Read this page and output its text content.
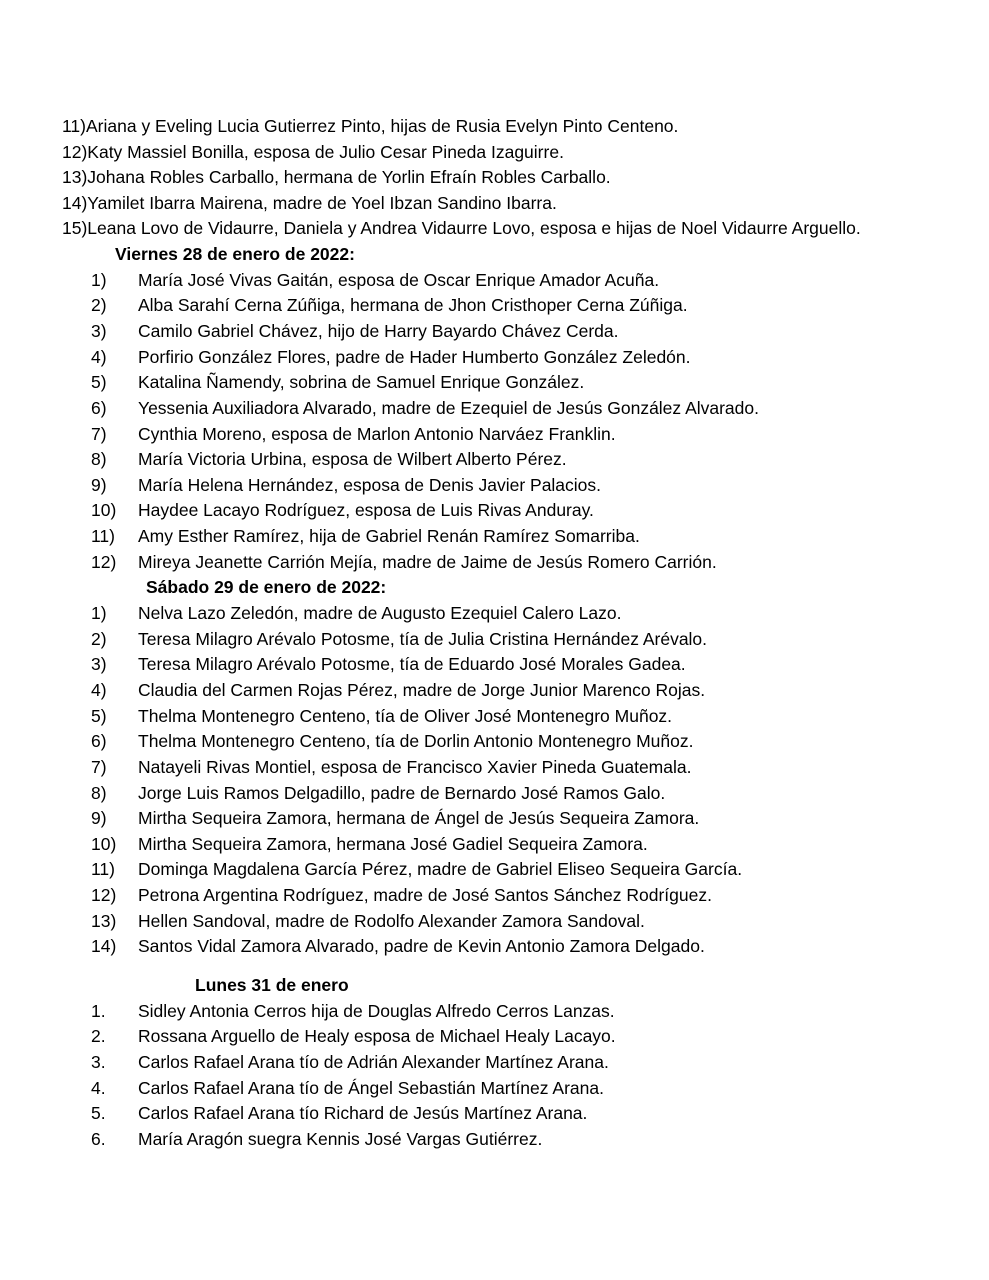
11)Ariana y Eveling Lucia Gutierrez Pinto, hijas de Rusia Evelyn Pinto Centeno.
12)Katy Massiel Bonilla, esposa de Julio Cesar Pineda Izaguirre.
13)Johana Robles Carballo, hermana de Yorlin Efraín Robles Carballo.
14)Yamilet Ibarra Mairena, madre de Yoel Ibzan Sandino Ibarra.
15)Leana Lovo de Vidaurre, Daniela y Andrea Vidaurre Lovo, esposa e hijas de Noel Vidaurre Arguello.
Viernes 28 de enero de 2022:
1) María José Vivas Gaitán, esposa de Oscar Enrique Amador Acuña.
2) Alba Sarahí Cerna Zúñiga, hermana de Jhon Cristhoper Cerna Zúñiga.
3) Camilo Gabriel Chávez, hijo de Harry Bayardo Chávez Cerda.
4) Porfirio González Flores, padre de Hader Humberto González Zeledón.
5) Katalina Ñamendy, sobrina de Samuel Enrique González.
6) Yessenia Auxiliadora Alvarado, madre de Ezequiel de Jesús González Alvarado.
7) Cynthia Moreno, esposa de Marlon Antonio Narváez Franklin.
8) María Victoria Urbina, esposa de Wilbert Alberto Pérez.
9) María Helena Hernández, esposa de Denis Javier Palacios.
10) Haydee Lacayo Rodríguez, esposa de Luis Rivas Anduray.
11) Amy Esther Ramírez, hija de Gabriel Renán Ramírez Somarriba.
12) Mireya Jeanette Carrión Mejía, madre de Jaime de Jesús Romero Carrión.
Sábado 29 de enero de 2022:
1) Nelva Lazo Zeledón, madre de Augusto Ezequiel Calero Lazo.
2) Teresa Milagro Arévalo Potosme, tía de Julia Cristina Hernández Arévalo.
3) Teresa Milagro Arévalo Potosme, tía de Eduardo José Morales Gadea.
4) Claudia del Carmen Rojas Pérez, madre de Jorge Junior Marenco Rojas.
5) Thelma Montenegro Centeno, tía de Oliver José Montenegro Muñoz.
6) Thelma Montenegro Centeno, tía de Dorlin Antonio Montenegro Muñoz.
7) Natayeli Rivas Montiel, esposa de Francisco Xavier Pineda Guatemala.
8) Jorge Luis Ramos Delgadillo, padre de Bernardo José Ramos Galo.
9) Mirtha Sequeira Zamora, hermana de Ángel de Jesús Sequeira Zamora.
10) Mirtha Sequeira Zamora, hermana José Gadiel Sequeira Zamora.
11) Dominga Magdalena García Pérez, madre de Gabriel Eliseo Sequeira García.
12) Petrona Argentina Rodríguez, madre de José Santos Sánchez Rodríguez.
13) Hellen Sandoval, madre de Rodolfo Alexander Zamora Sandoval.
14) Santos Vidal Zamora Alvarado, padre de Kevin Antonio Zamora Delgado.
Lunes 31 de enero
1. Sidley Antonia Cerros hija de Douglas Alfredo Cerros Lanzas.
2. Rossana Arguello de Healy esposa de Michael Healy Lacayo.
3. Carlos Rafael Arana tío de Adrián Alexander Martínez Arana.
4. Carlos Rafael Arana tío de Ángel Sebastián Martínez Arana.
5. Carlos Rafael Arana tío Richard de Jesús Martínez Arana.
6. María Aragón suegra Kennis José Vargas Gutiérrez.
